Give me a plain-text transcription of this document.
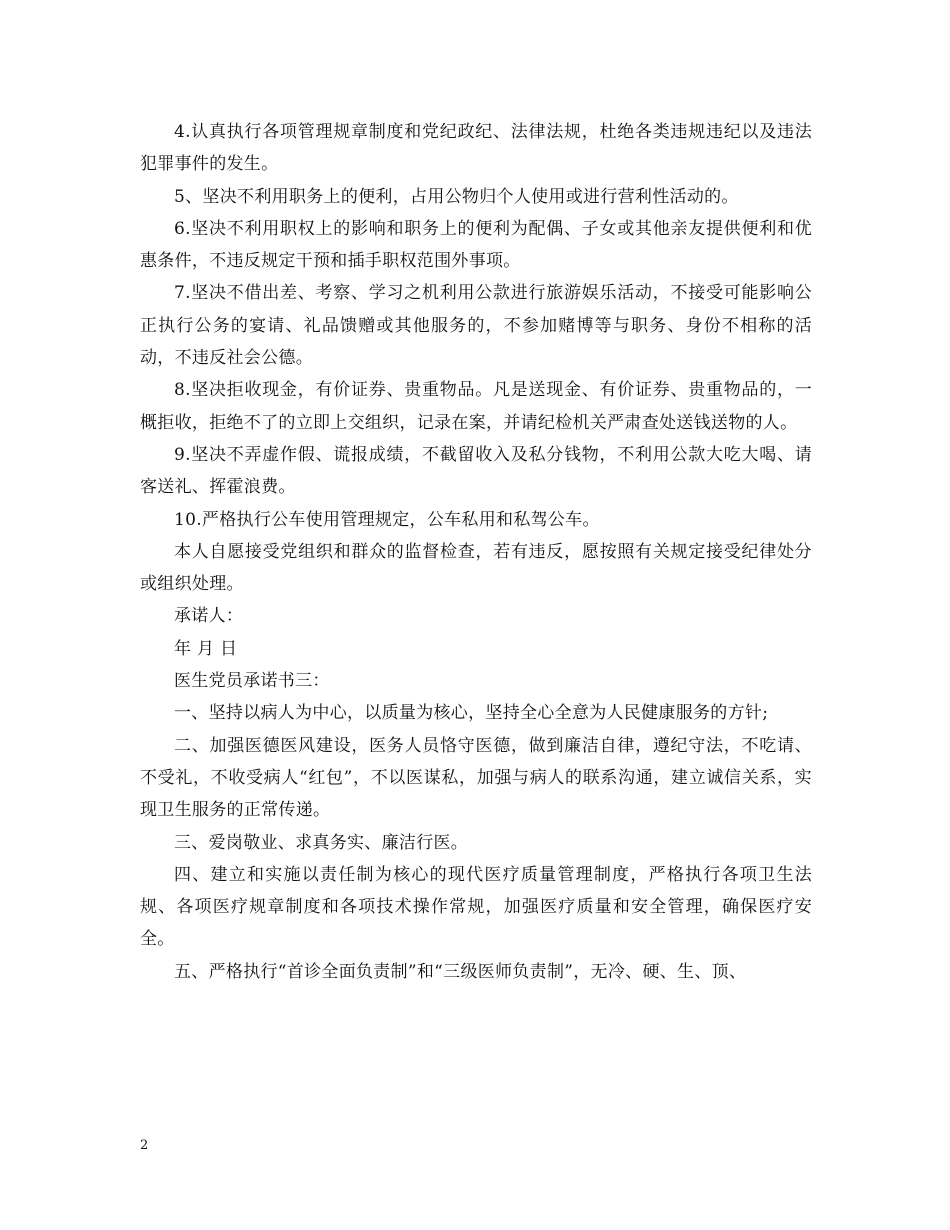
4.认真执行各项管理规章制度和党纪政纪、法律法规，杜绝各类违规违纪以及违法犯罪事件的发生。

5、坚决不利用职务上的便利，占用公物归个人使用或进行营利性活动的。

6.坚决不利用职权上的影响和职务上的便利为配偶、子女或其他亲友提供便利和优惠条件，不违反规定干预和插手职权范围外事项。

7.坚决不借出差、考察、学习之机利用公款进行旅游娱乐活动，不接受可能影响公正执行公务的宴请、礼品馈赠或其他服务的，不参加赌博等与职务、身份不相称的活动，不违反社会公德。

8.坚决拒收现金，有价证券、贵重物品。凡是送现金、有价证券、贵重物品的，一概拒收，拒绝不了的立即上交组织，记录在案，并请纪检机关严肃查处送钱送物的人。

9.坚决不弄虚作假、谎报成绩，不截留收入及私分钱物，不利用公款大吃大喝、请客送礼、挥霍浪费。

10.严格执行公车使用管理规定，公车私用和私驾公车。

本人自愿接受党组织和群众的监督检查，若有违反，愿按照有关规定接受纪律处分或组织处理。

承诺人：

年 月 日

医生党员承诺书三：

一、坚持以病人为中心，以质量为核心，坚持全心全意为人民健康服务的方针;

二、加强医德医风建设，医务人员恪守医德，做到廉洁自律，遵纪守法，不吃请、不受礼，不收受病人“红包”，不以医谋私，加强与病人的联系沟通，建立诚信关系，实现卫生服务的正常传递。

三、爱岗敬业、求真务实、廉洁行医。

四、建立和实施以责任制为核心的现代医疗质量管理制度，严格执行各项卫生法规、各项医疗规章制度和各项技术操作常规，加强医疗质量和安全管理，确保医疗安全。

五、严格执行“首诊全面负责制”和“三级医师负责制”，无冷、硬、生、顶、

2
